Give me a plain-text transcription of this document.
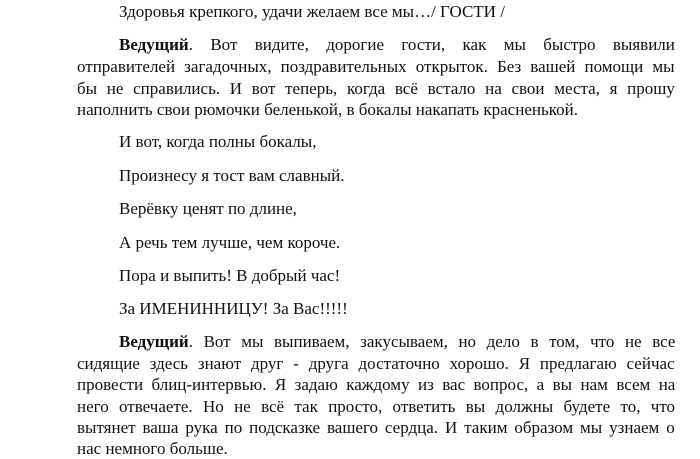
Здоровья крепкого, удачи желаем все мы…/ ГОСТИ /
Ведущий. Вот видите, дорогие гости, как мы быстро выявили
отправителей загадочных, поздравительных открыток. Без вашей помощи мы
бы не справились. И вот теперь, когда всё встало на свои места, я прошу
наполнить свои рюмочки беленькой, в бокалы накапать красненькой.
И вот, когда полны бокалы,
Произнесу я тост вам славный.
Верёвку ценят по длине,
А речь тем лучше, чем короче.
Пора и выпить! В добрый час!
За ИМЕНИННИЦУ! За Вас!!!!!
Ведущий. Вот мы выпиваем, закусываем, но дело в том, что не все
сидящие здесь знают друг - друга достаточно хорошо. Я предлагаю сейчас
провести блиц-интервью. Я задаю каждому из вас вопрос, а вы нам всем на
него отвечаете. Но не всё так просто, ответить вы должны будете то, что
вытянет ваша рука по подсказке вашего сердца. И таким образом мы узнаем о
нас немного больше.
